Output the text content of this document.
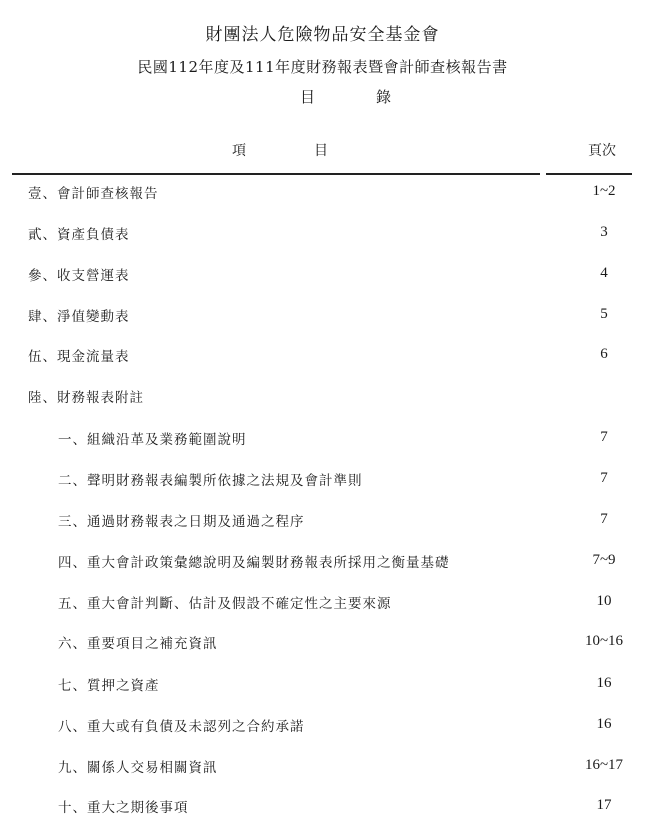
財團法人危險物品安全基金會
民國112年度及111年度財務報表暨會計師查核報告書
目	錄
項	目	頁次
壹、會計師查核報告	1~2
貳、資產負債表	3
參、收支營運表	4
肆、淨值變動表	5
伍、現金流量表	6
陸、財務報表附註
一、組織沿革及業務範圍說明	7
二、聲明財務報表編製所依據之法規及會計準則	7
三、通過財務報表之日期及通過之程序	7
四、重大會計政策彙總說明及編製財務報表所採用之衡量基礎	7~9
五、重大會計判斷、估計及假設不確定性之主要來源	10
六、重要項目之補充資訊	10~16
七、質押之資產	16
八、重大或有負債及未認列之合約承諾	16
九、關係人交易相關資訊	16~17
十、重大之期後事項	17
